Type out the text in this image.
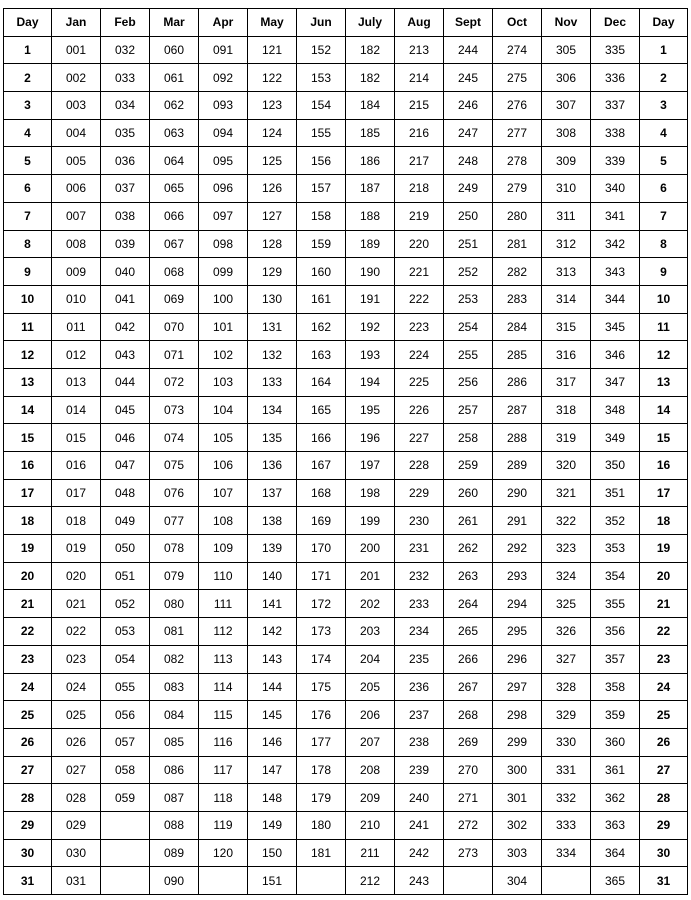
Day	Jan	Feb	Mar	Apr	May	Jun	July	Aug	Sept	Oct	Nov	Dec	Day
1	001	032	060	091	121	152	182	213	244	274	305	335	1
2	002	033	061	092	122	153	182	214	245	275	306	336	2
3	003	034	062	093	123	154	184	215	246	276	307	337	3
4	004	035	063	094	124	155	185	216	247	277	308	338	4
5	005	036	064	095	125	156	186	217	248	278	309	339	5
6	006	037	065	096	126	157	187	218	249	279	310	340	6
7	007	038	066	097	127	158	188	219	250	280	311	341	7
8	008	039	067	098	128	159	189	220	251	281	312	342	8
9	009	040	068	099	129	160	190	221	252	282	313	343	9
10	010	041	069	100	130	161	191	222	253	283	314	344	10
11	011	042	070	101	131	162	192	223	254	284	315	345	11
12	012	043	071	102	132	163	193	224	255	285	316	346	12
13	013	044	072	103	133	164	194	225	256	286	317	347	13
14	014	045	073	104	134	165	195	226	257	287	318	348	14
15	015	046	074	105	135	166	196	227	258	288	319	349	15
16	016	047	075	106	136	167	197	228	259	289	320	350	16
17	017	048	076	107	137	168	198	229	260	290	321	351	17
18	018	049	077	108	138	169	199	230	261	291	322	352	18
19	019	050	078	109	139	170	200	231	262	292	323	353	19
20	020	051	079	110	140	171	201	232	263	293	324	354	20
21	021	052	080	111	141	172	202	233	264	294	325	355	21
22	022	053	081	112	142	173	203	234	265	295	326	356	22
23	023	054	082	113	143	174	204	235	266	296	327	357	23
24	024	055	083	114	144	175	205	236	267	297	328	358	24
25	025	056	084	115	145	176	206	237	268	298	329	359	25
26	026	057	085	116	146	177	207	238	269	299	330	360	26
27	027	058	086	117	147	178	208	239	270	300	331	361	27
28	028	059	087	118	148	179	209	240	271	301	332	362	28
29	029		088	119	149	180	210	241	272	302	333	363	29
30	030		089	120	150	181	211	242	273	303	334	364	30
31	031		090		151		212	243		304		365	31
